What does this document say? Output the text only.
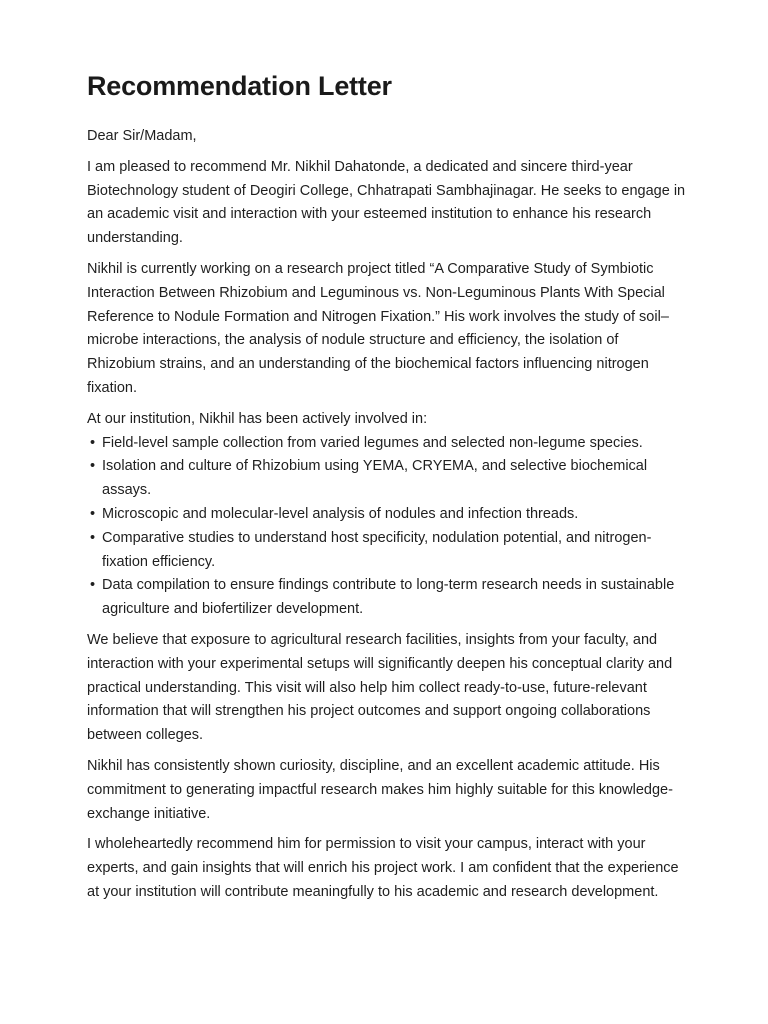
Recommendation Letter

Dear Sir/Madam,

I am pleased to recommend Mr. Nikhil Dahatonde, a dedicated and sincere third-year Biotechnology student of Deogiri College, Chhatrapati Sambhajinagar. He seeks to engage in an academic visit and interaction with your esteemed institution to enhance his research understanding.

Nikhil is currently working on a research project titled “A Comparative Study of Symbiotic Interaction Between Rhizobium and Leguminous vs. Non-Leguminous Plants With Special Reference to Nodule Formation and Nitrogen Fixation.” His work involves the study of soil–microbe interactions, the analysis of nodule structure and efficiency, the isolation of Rhizobium strains, and an understanding of the biochemical factors influencing nitrogen fixation.

At our institution, Nikhil has been actively involved in:

• Field-level sample collection from varied legumes and selected non-legume species.
• Isolation and culture of Rhizobium using YEMA, CRYEMA, and selective biochemical assays.
• Microscopic and molecular-level analysis of nodules and infection threads.
• Comparative studies to understand host specificity, nodulation potential, and nitrogen-fixation efficiency.
• Data compilation to ensure findings contribute to long-term research needs in sustainable agriculture and biofertilizer development.

We believe that exposure to agricultural research facilities, insights from your faculty, and interaction with your experimental setups will significantly deepen his conceptual clarity and practical understanding. This visit will also help him collect ready-to-use, future-relevant information that will strengthen his project outcomes and support ongoing collaborations between colleges.

Nikhil has consistently shown curiosity, discipline, and an excellent academic attitude. His commitment to generating impactful research makes him highly suitable for this knowledge-exchange initiative.

I wholeheartedly recommend him for permission to visit your campus, interact with your experts, and gain insights that will enrich his project work. I am confident that the experience at your institution will contribute meaningfully to his academic and research development.
